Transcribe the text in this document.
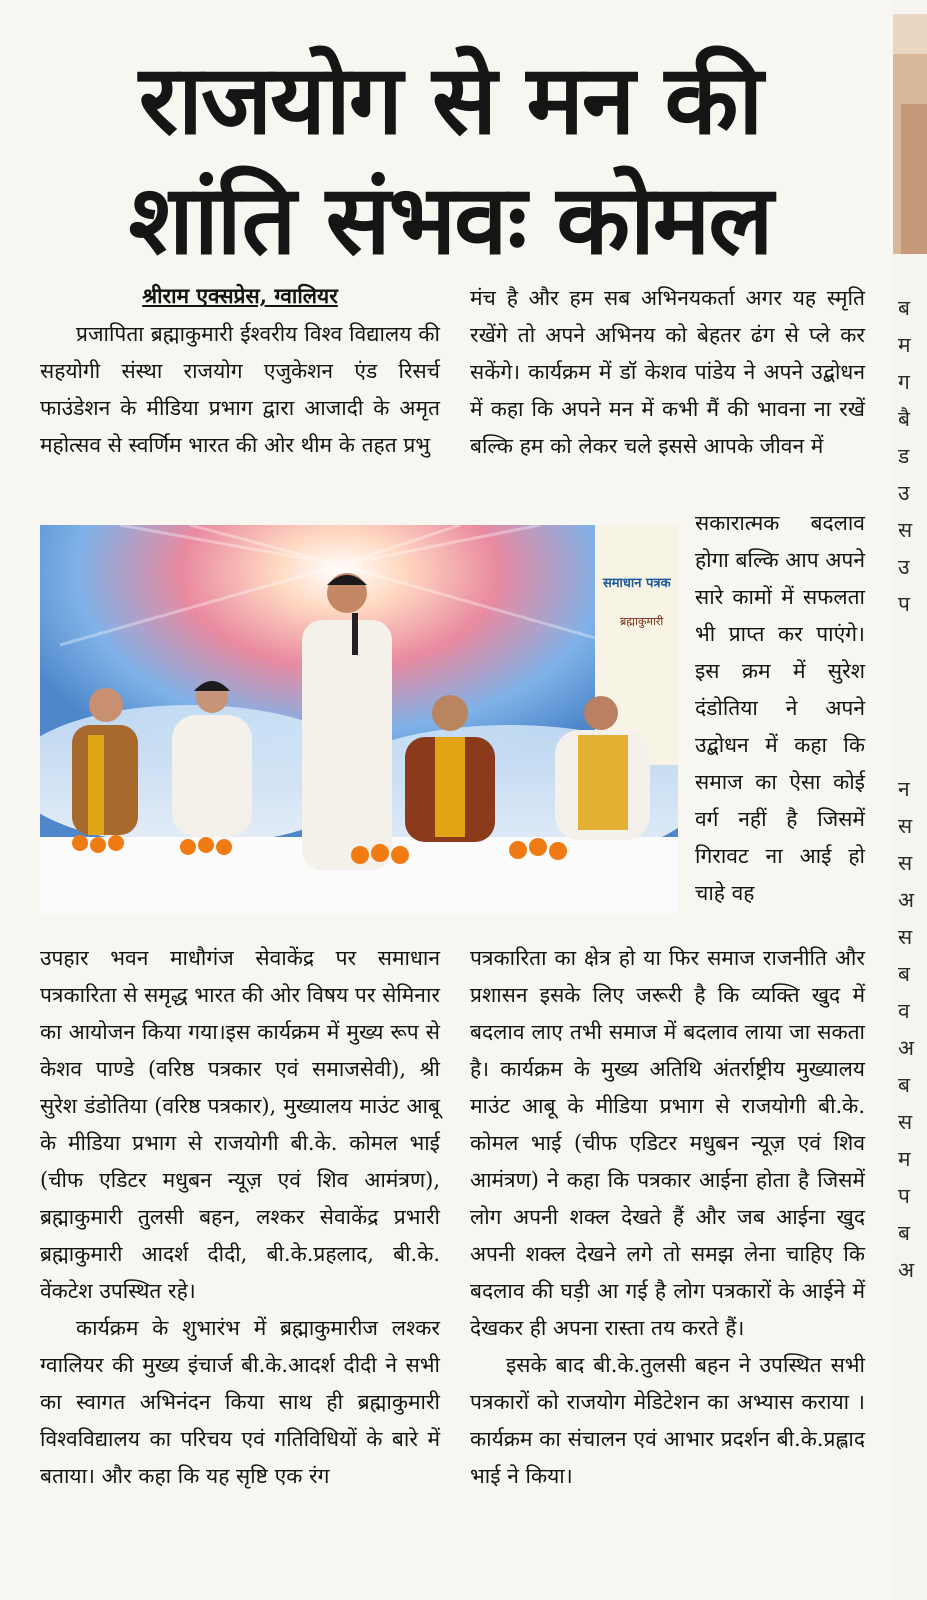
राजयोग से मन की
शांति संभवः कोमल
श्रीराम एक्सप्रेस, ग्वालियर

प्रजापिता ब्रह्माकुमारी ईश्वरीय विश्व विद्यालय की सहयोगी संस्था राजयोग एजुकेशन एंड रिसर्च फाउंडेशन के मीडिया प्रभाग द्वारा आजादी के अमृत महोत्सव से स्वर्णिम भारत की ओर थीम के तहत प्रभु

मंच है और हम सब अभिनयकर्ता अगर यह स्मृति रखेंगे तो अपने अभिनय को बेहतर ढंग से प्ले कर सकेंगे। कार्यक्रम में डॉ केशव पांडेय ने अपने उद्बोधन में कहा कि अपने मन में कभी मैं की भावना ना रखें बल्कि हम को लेकर चले इससे आपके जीवन में

सकारात्मक बदलाव होगा बल्कि आप अपने सारे कामों में सफलता भी प्राप्त कर पाएंगे। इस क्रम में सुरेश दंडोतिया ने अपने उद्बोधन में कहा कि समाज का ऐसा कोई वर्ग नहीं है जिसमें गिरावट ना आई हो चाहे वह

समाधान पत्रक
ब्रह्माकुमारी

उपहार भवन माधौगंज सेवाकेंद्र पर समाधान पत्रकारिता से समृद्ध भारत की ओर विषय पर सेमिनार का आयोजन किया गया।इस कार्यक्रम में मुख्य रूप से केशव पाण्डे (वरिष्ठ पत्रकार एवं समाजसेवी), श्री सुरेश डंडोतिया (वरिष्ठ पत्रकार), मुख्यालय माउंट आबू के मीडिया प्रभाग से राजयोगी बी.के. कोमल भाई (चीफ एडिटर मधुबन न्यूज़ एवं शिव आमंत्रण), ब्रह्माकुमारी तुलसी बहन, लश्कर सेवाकेंद्र प्रभारी ब्रह्माकुमारी आदर्श दीदी, बी.के.प्रहलाद, बी.के. वेंकटेश उपस्थित रहे।

कार्यक्रम के शुभारंभ में ब्रह्माकुमारीज लश्कर ग्वालियर की मुख्य इंचार्ज बी.के.आदर्श दीदी ने सभी का स्वागत अभिनंदन किया साथ ही ब्रह्माकुमारी विश्वविद्यालय का परिचय एवं गतिविधियों के बारे में बताया। और कहा कि यह सृष्टि एक रंग

पत्रकारिता का क्षेत्र हो या फिर समाज राजनीति और प्रशासन इसके लिए जरूरी है कि व्यक्ति खुद में बदलाव लाए तभी समाज में बदलाव लाया जा सकता है। कार्यक्रम के मुख्य अतिथि अंतर्राष्ट्रीय मुख्यालय माउंट आबू के मीडिया प्रभाग से राजयोगी बी.के. कोमल भाई (चीफ एडिटर मधुबन न्यूज़ एवं शिव आमंत्रण) ने कहा कि पत्रकार आईना होता है जिसमें लोग अपनी शक्ल देखते हैं और जब आईना खुद अपनी शक्ल देखने लगे तो समझ लेना चाहिए कि बदलाव की घड़ी आ गई है लोग पत्रकारों के आईने में देखकर ही अपना रास्ता तय करते हैं।

इसके बाद बी.के.तुलसी बहन ने उपस्थित सभी पत्रकारों को राजयोग मेडिटेशन का अभ्यास कराया । कार्यक्रम का संचालन एवं आभार प्रदर्शन बी.के.प्रह्लाद भाई ने किया।

ब
म
ग
बै
ड
उ
स
उ
प
न
स
स
अ
स
ब
व
अ
ब
स
म
प
ब
अ
